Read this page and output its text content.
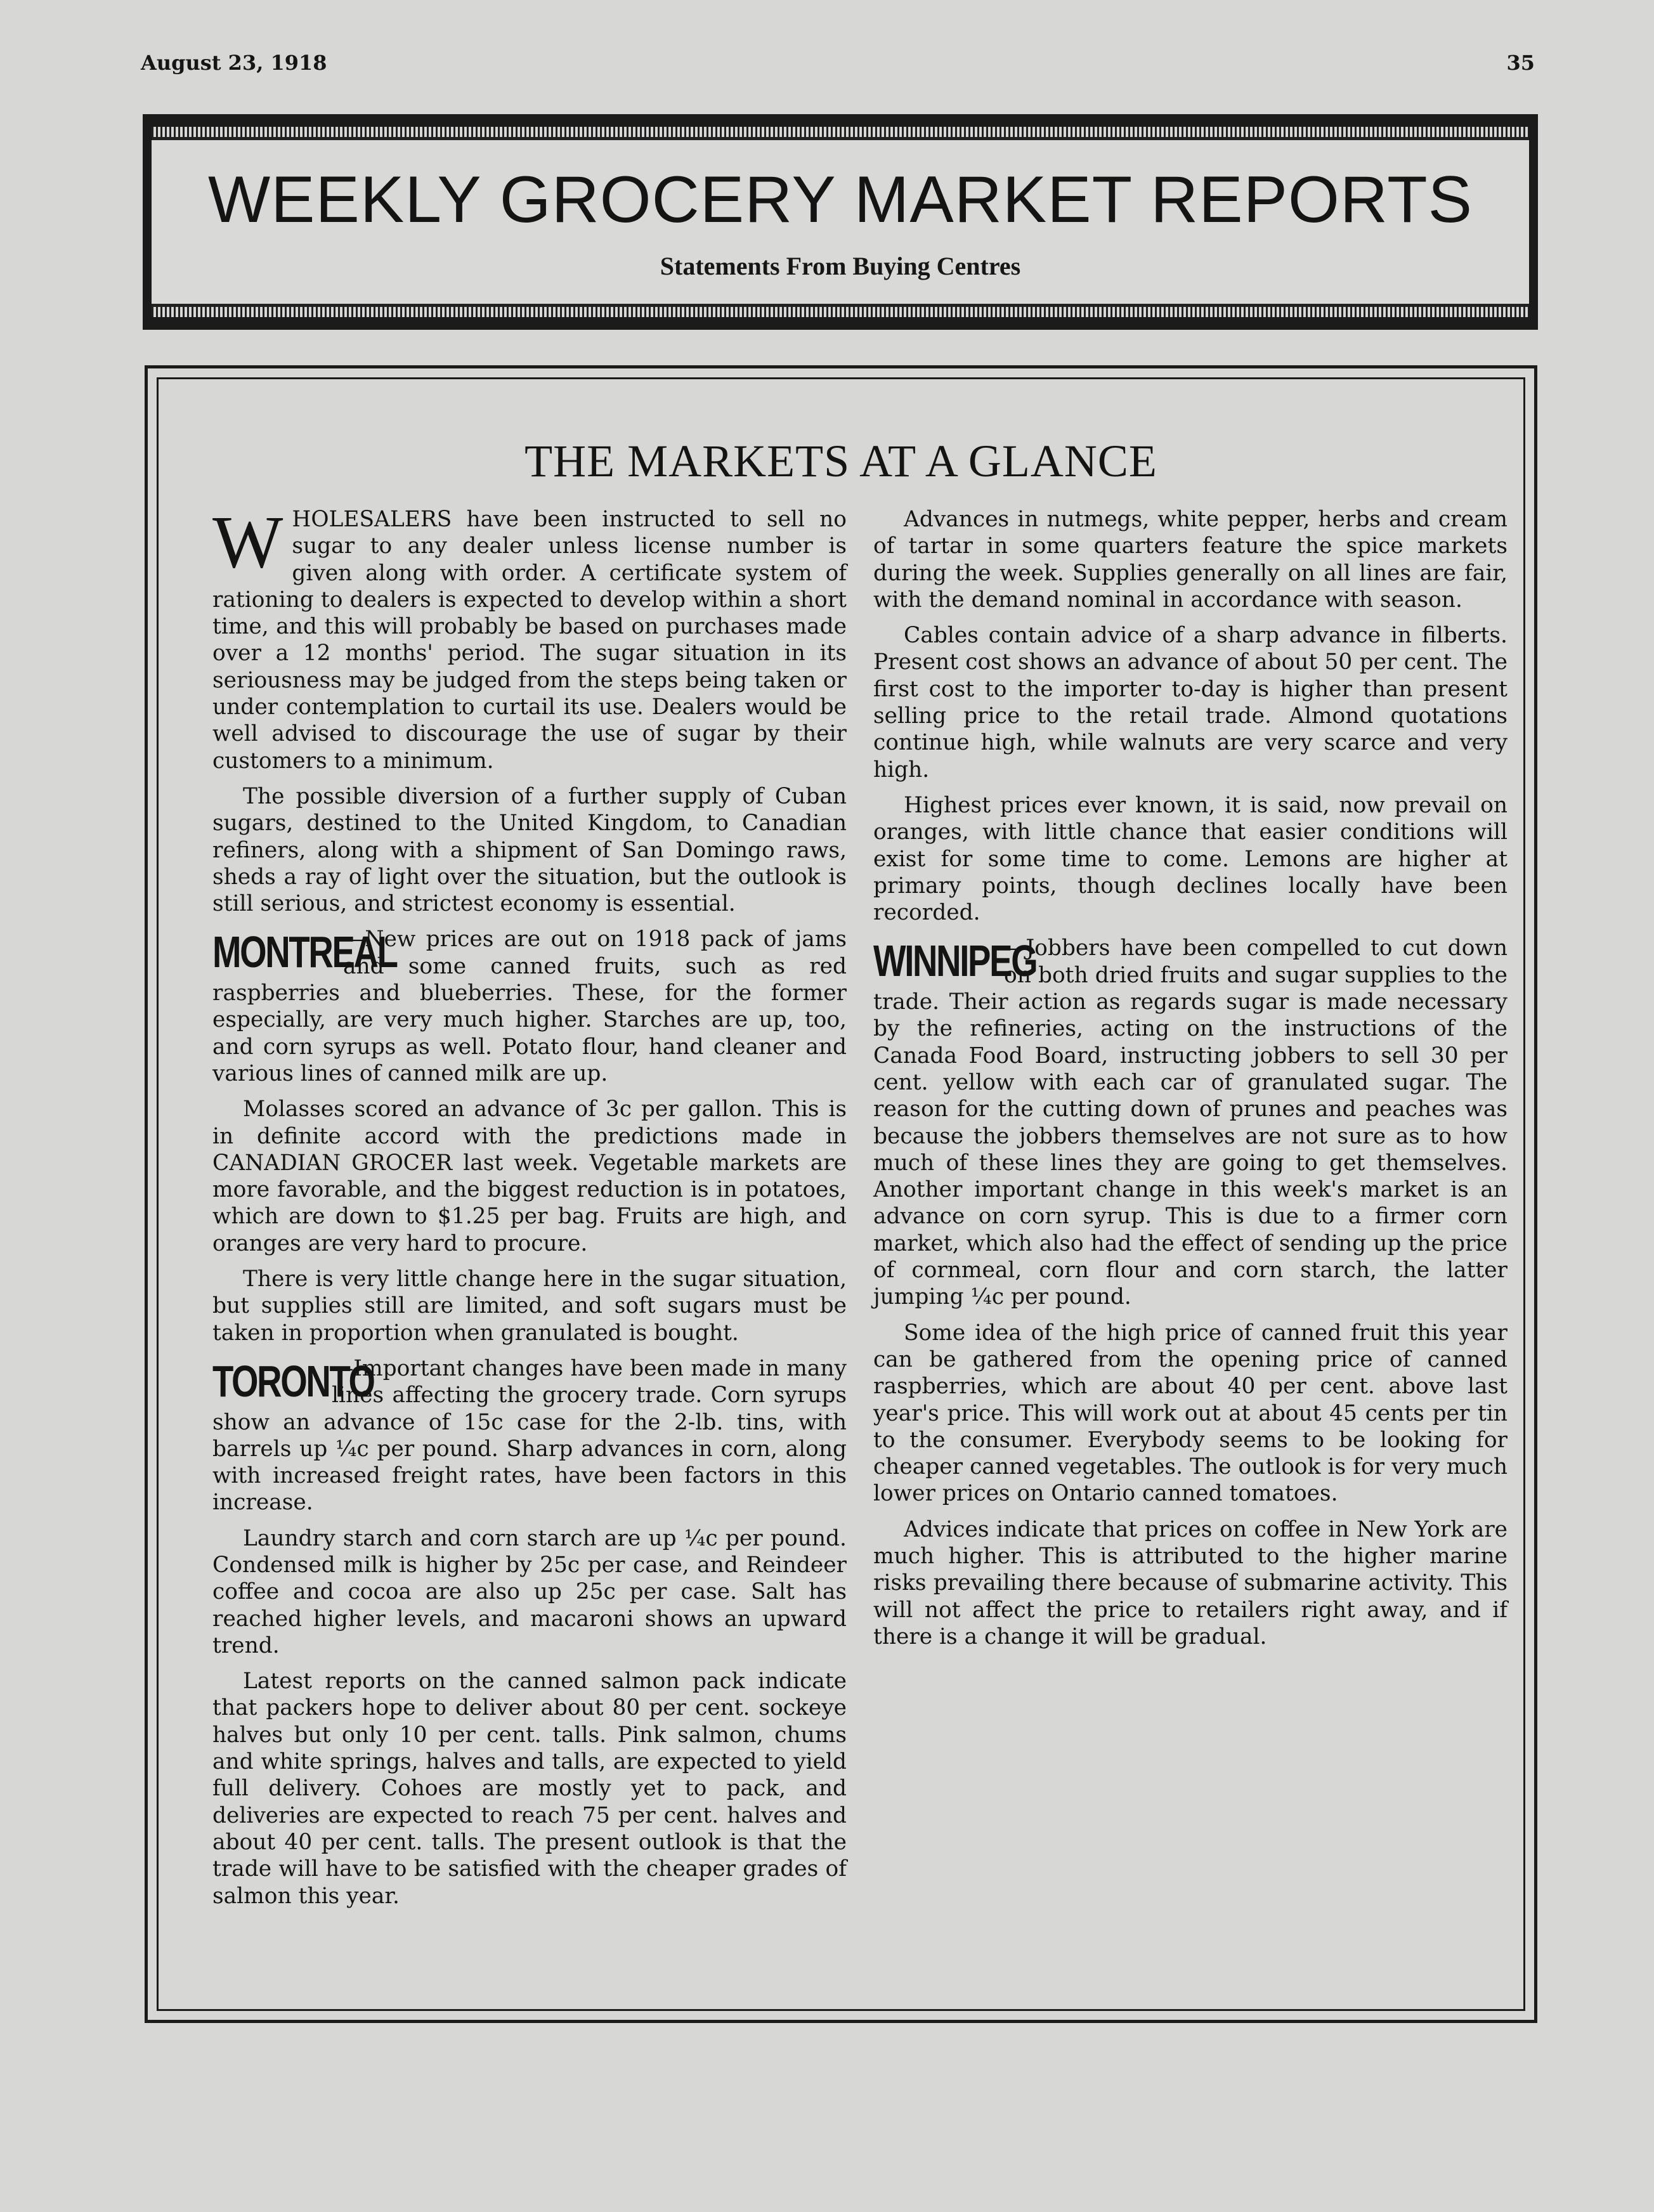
August 23, 1918	35
WEEKLY GROCERY MARKET REPORTS
Statements From Buying Centres
THE MARKETS AT A GLANCE

WHOLESALERS have been instructed to sell no sugar to any dealer unless license number is given along with order. A certificate system of rationing to dealers is expected to develop within a short time, and this will probably be based on purchases made over a 12 months' period. The sugar situation in its seriousness may be judged from the steps being taken or under contemplation to curtail its use. Dealers would be well advised to discourage the use of sugar by their customers to a minimum.

The possible diversion of a further supply of Cuban sugars, destined to the United Kingdom, to Canadian refiners, along with a shipment of San Domingo raws, sheds a ray of light over the situation, but the outlook is still serious, and strictest economy is essential.

MONTREAL
—New prices are out on 1918 pack of jams and some canned fruits, such as red raspberries and blueberries. These, for the former especially, are very much higher. Starches are up, too, and corn syrups as well. Potato flour, hand cleaner and various lines of canned milk are up.

Molasses scored an advance of 3c per gallon. This is in definite accord with the predictions made in CANADIAN GROCER last week. Vegetable markets are more favorable, and the biggest reduction is in potatoes, which are down to $1.25 per bag. Fruits are high, and oranges are very hard to procure.

There is very little change here in the sugar situation, but supplies still are limited, and soft sugars must be taken in proportion when granulated is bought.

TORONTO
—Important changes have been made in many lines affecting the grocery trade. Corn syrups show an advance of 15c case for the 2-lb. tins, with barrels up ¼c per pound. Sharp advances in corn, along with increased freight rates, have been factors in this increase.

Laundry starch and corn starch are up ¼c per pound. Condensed milk is higher by 25c per case, and Reindeer coffee and cocoa are also up 25c per case. Salt has reached higher levels, and macaroni shows an upward trend.

Latest reports on the canned salmon pack indicate that packers hope to deliver about 80 per cent. sockeye halves but only 10 per cent. talls. Pink salmon, chums and white springs, halves and talls, are expected to yield full delivery. Cohoes are mostly yet to pack, and deliveries are expected to reach 75 per cent. halves and about 40 per cent. talls. The present outlook is that the trade will have to be satisfied with the cheaper grades of salmon this year.

Advances in nutmegs, white pepper, herbs and cream of tartar in some quarters feature the spice markets during the week. Supplies generally on all lines are fair, with the demand nominal in accordance with season.

Cables contain advice of a sharp advance in filberts. Present cost shows an advance of about 50 per cent. The first cost to the importer to-day is higher than present selling price to the retail trade. Almond quotations continue high, while walnuts are very scarce and very high.

Highest prices ever known, it is said, now prevail on oranges, with little chance that easier conditions will exist for some time to come. Lemons are higher at primary points, though declines locally have been recorded.

WINNIPEG
—Jobbers have been compelled to cut down on both dried fruits and sugar supplies to the trade. Their action as regards sugar is made necessary by the refineries, acting on the instructions of the Canada Food Board, instructing jobbers to sell 30 per cent. yellow with each car of granulated sugar. The reason for the cutting down of prunes and peaches was because the jobbers themselves are not sure as to how much of these lines they are going to get themselves. Another important change in this week's market is an advance on corn syrup. This is due to a firmer corn market, which also had the effect of sending up the price of cornmeal, corn flour and corn starch, the latter jumping ¼c per pound.

Some idea of the high price of canned fruit this year can be gathered from the opening price of canned raspberries, which are about 40 per cent. above last year's price. This will work out at about 45 cents per tin to the consumer. Everybody seems to be looking for cheaper canned vegetables. The outlook is for very much lower prices on Ontario canned tomatoes.

Advices indicate that prices on coffee in New York are much higher. This is attributed to the higher marine risks prevailing there because of submarine activity. This will not affect the price to retailers right away, and if there is a change it will be gradual.
